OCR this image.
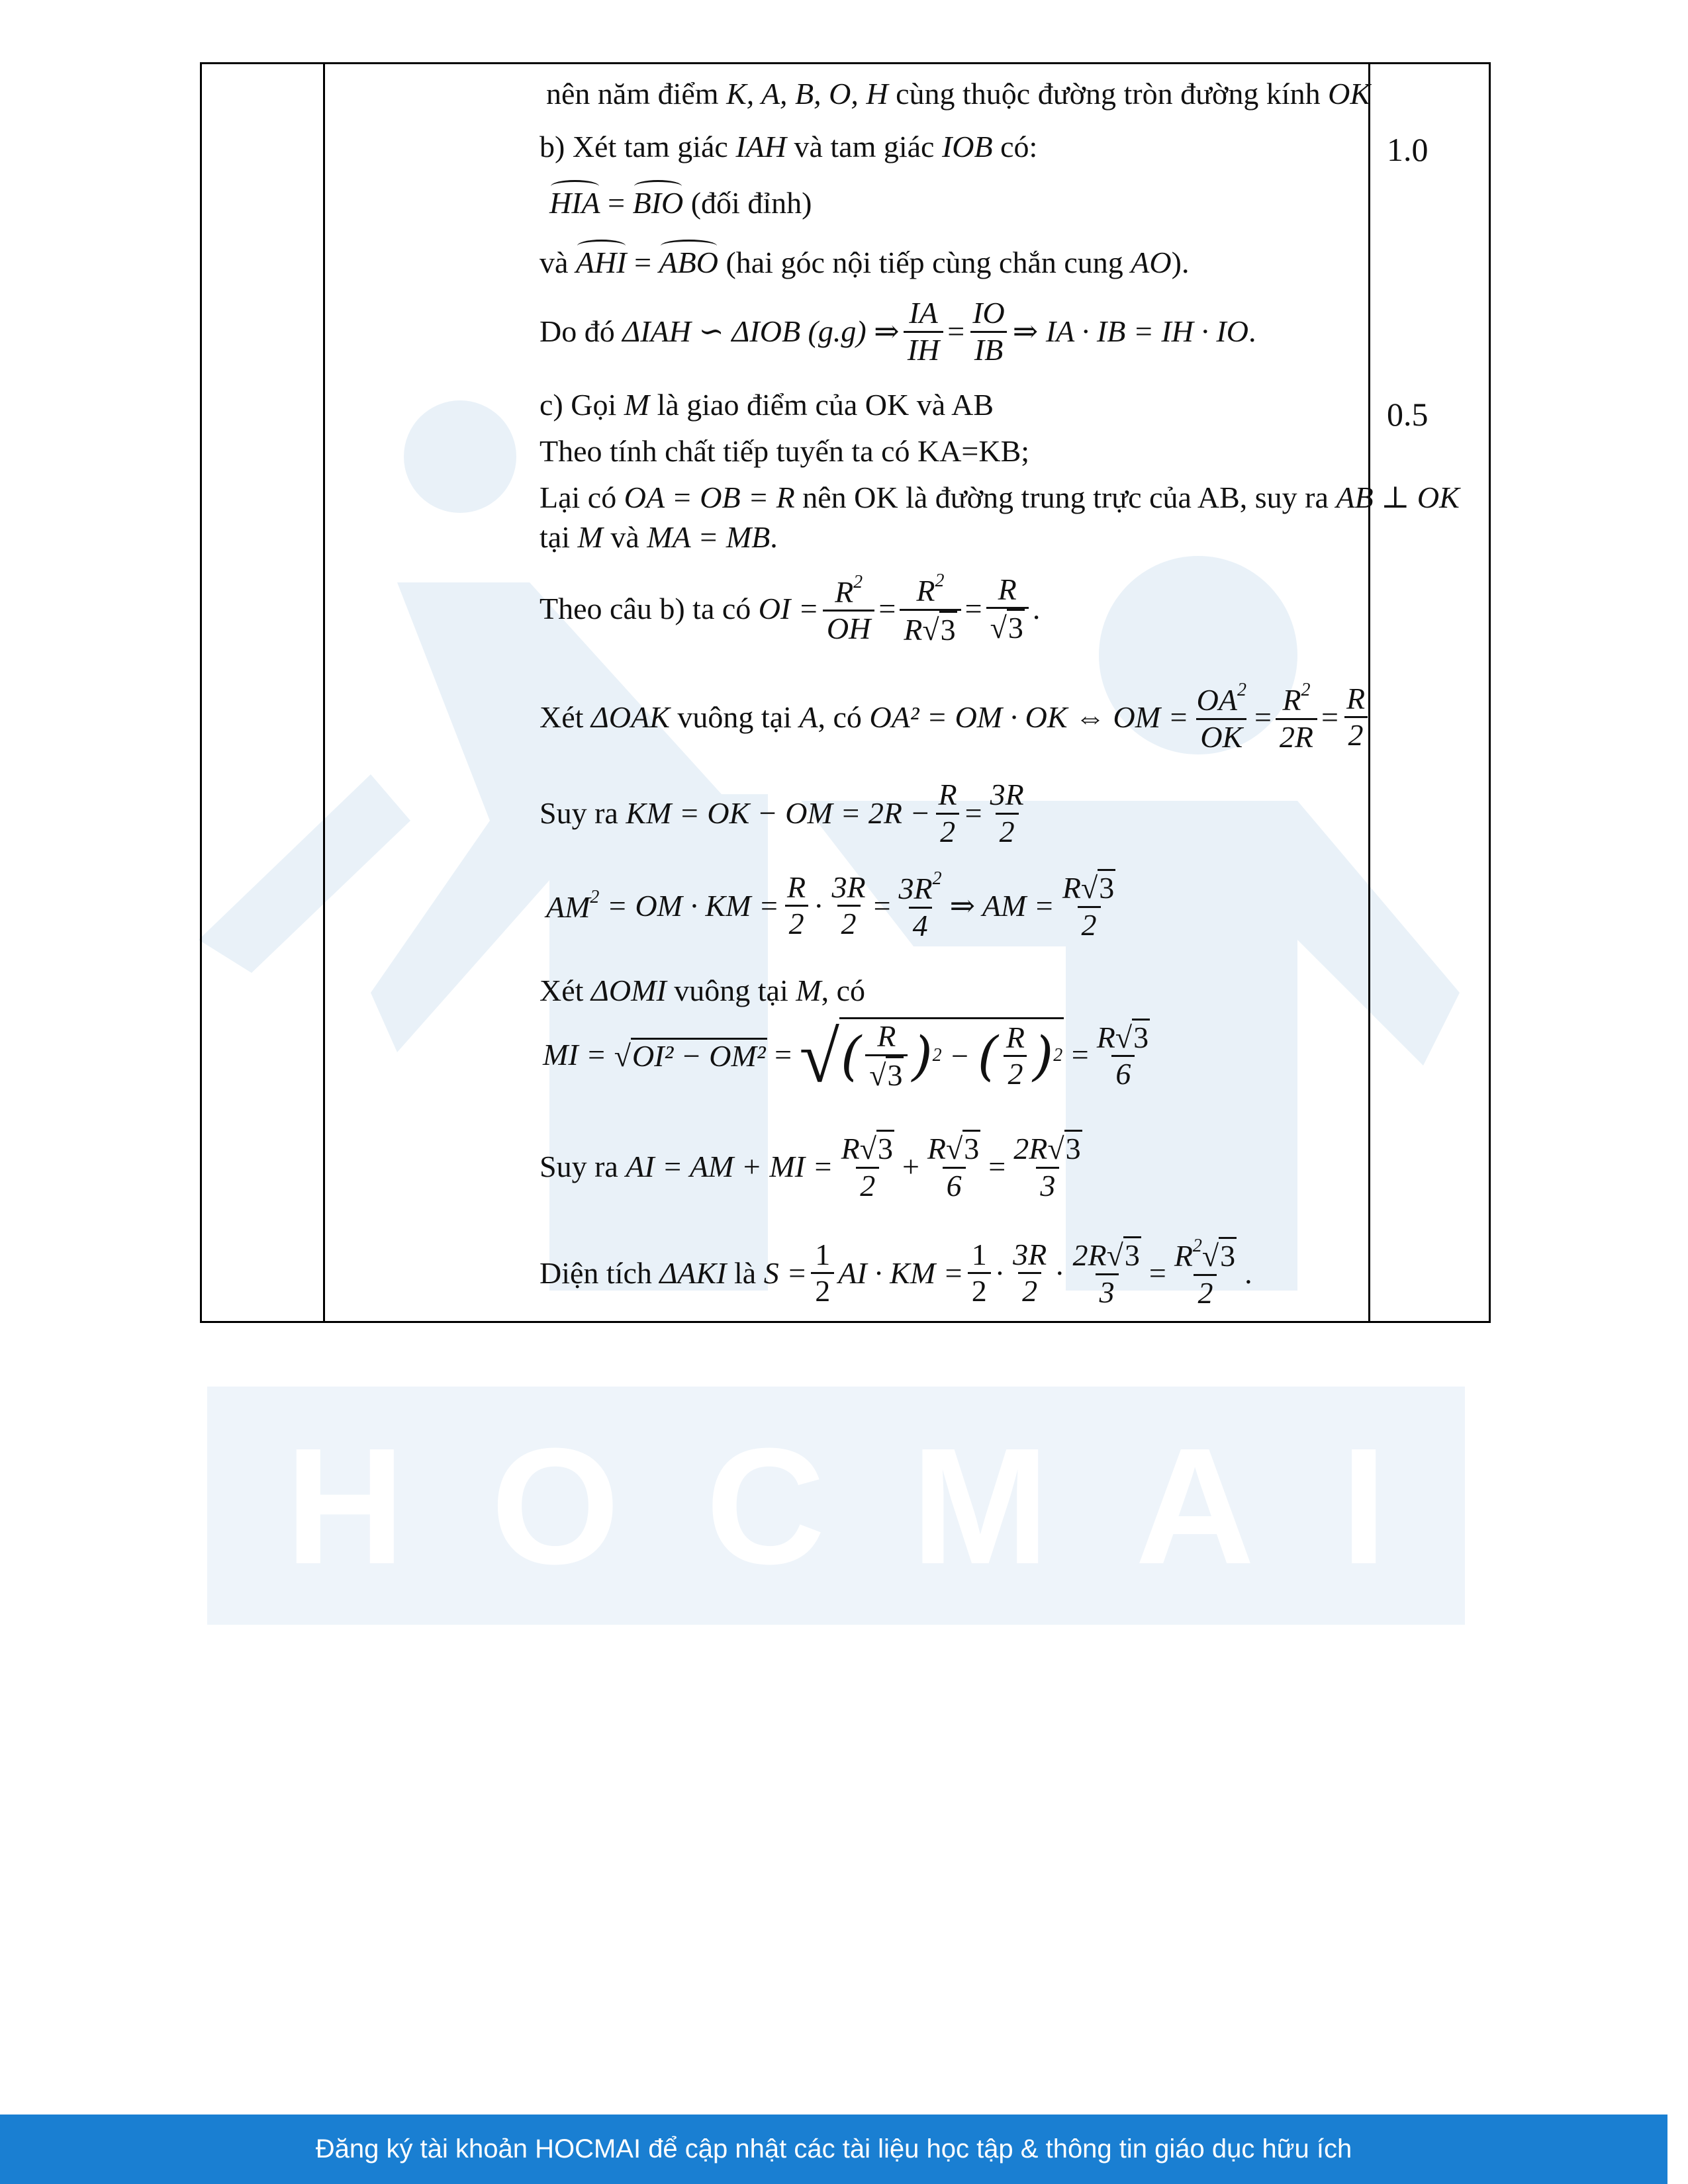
HOCMAI
1.0
0.5
nên năm điểm
K, A, B, O, H
cùng thuộc đường tròn đường kính
OK
b) Xét tam giác
IAH
và tam giác
IOB
có:
HIA
=
BIO
(đối đỉnh)
và
AHI
=
ABO
(hai góc nội tiếp cùng chắn cung
AO ).
Do đó
ΔIAH ∽ ΔIOB (g.g) ⇒ $\frac{IA}{IH} = \frac{IO}{IB}$ ⇒ IA · IB = IH · IO .
c) Gọi
M
là giao điểm của OK và AB
Theo tính chất tiếp tuyến ta có KA=KB;
Lại có
OA = OB = R
nên OK là đường trung trực của AB, suy ra
AB ⊥ OK
tại
M
và
MA = MB .
Theo câu b) ta có
OI = $\frac{R^2}{OH} = \frac{R^2}{R √ 3} = \frac{R}{√ 3}$ .
Xét
ΔOAK
vuông tại
A , có
OA² = OM · OK ⇔ OM = $\frac{OA^2}{OK} = \frac{R^2}{2R} = \frac{R}{2}$
Suy ra
KM = OK − OM = $2R - \frac{R}{2} = \frac{3R}{2}$
$AM^2$
= OM · KM = $\frac{R}{2} \cdot \frac{3R}{2} = \frac{3R^2}{4}$ ⇒ AM = $\frac{R √ 3}{2}$
Xét
ΔOMI
vuông tại
M , có
MI =
√ OI² − OM² = √ ( $\frac{R}{√ 3}$ ) 2 − ( $\frac{R}{2}$ ) $2 = \frac{R √ 3}{6}$
Suy ra
AI = AM + MI = $\frac{R √ 3}{2} + \frac{R √ 3}{6} = \frac{2R √ 3}{3}$
Diện tích
ΔAKI
là
$S = \frac{1}{2}$ AI · KM = $\frac{1}{2} \cdot \frac{3R}{2} \cdot \frac{2R √ 3}{3} = \frac{R^2 √ 3}{2}$ .
Đăng ký tài khoản HOCMAI để cập nhật các tài liệu học tập & thông tin giáo dục hữu ích
